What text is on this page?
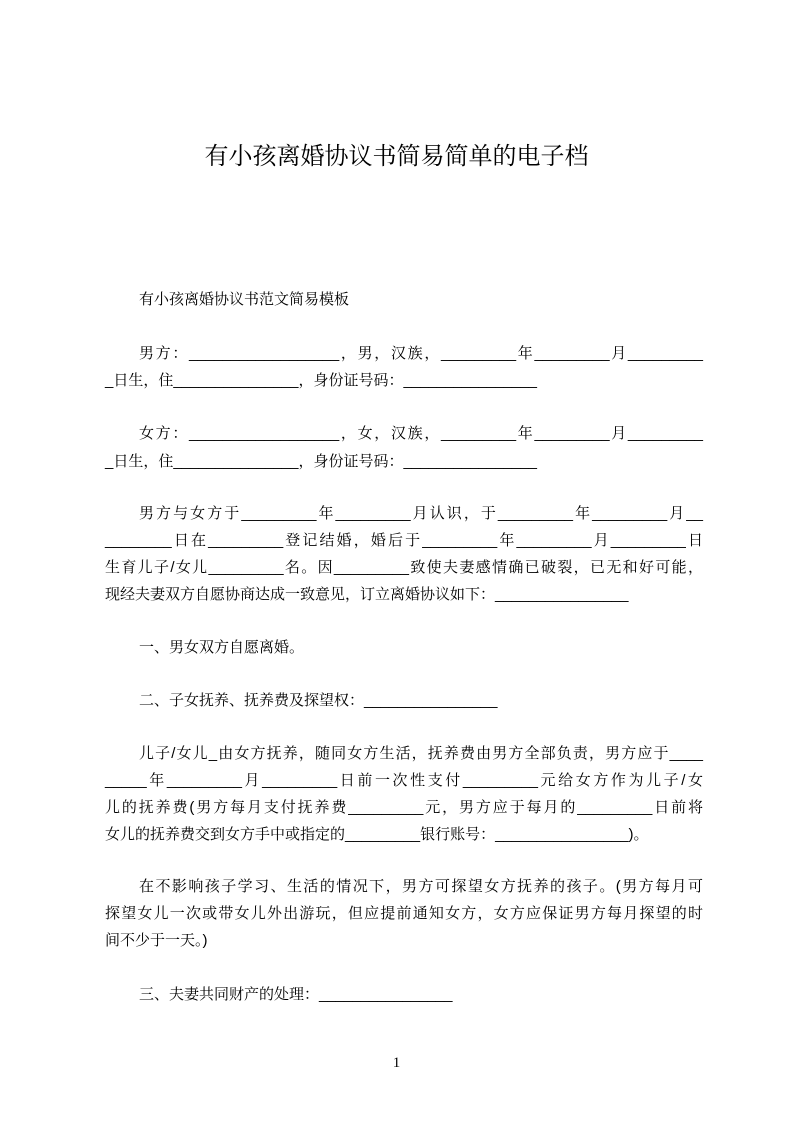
有小孩离婚协议书简易简单的电子档
有小孩离婚协议书范文简易模板
男方：__________________，男，汉族，_________年_________月_________
_日生，住_______________，身份证号码：________________
女方：__________________，女，汉族，_________年_________月_________
_日生，住_______________，身份证号码：________________
男方与女方于_________年_________月认识，于_________年_________月__
________日在_________登记结婚，婚后于_________年_________月_________日
生育儿子/女儿_________名。因_________致使夫妻感情确已破裂，已无和好可能，
现经夫妻双方自愿协商达成一致意见，订立离婚协议如下：________________
一、男女双方自愿离婚。
二、子女抚养、抚养费及探望权：________________
儿子/女儿_由女方抚养，随同女方生活，抚养费由男方全部负责，男方应于____
_____年_________月_________日前一次性支付_________元给女方作为儿子/女
儿的抚养费(男方每月支付抚养费_________元，男方应于每月的_________日前将
女儿的抚养费交到女方手中或指定的_________银行账号：________________)。
在不影响孩子学习、生活的情况下，男方可探望女方抚养的孩子。(男方每月可
探望女儿一次或带女儿外出游玩，但应提前通知女方，女方应保证男方每月探望的时
间不少于一天。)
三、夫妻共同财产的处理：________________
1
